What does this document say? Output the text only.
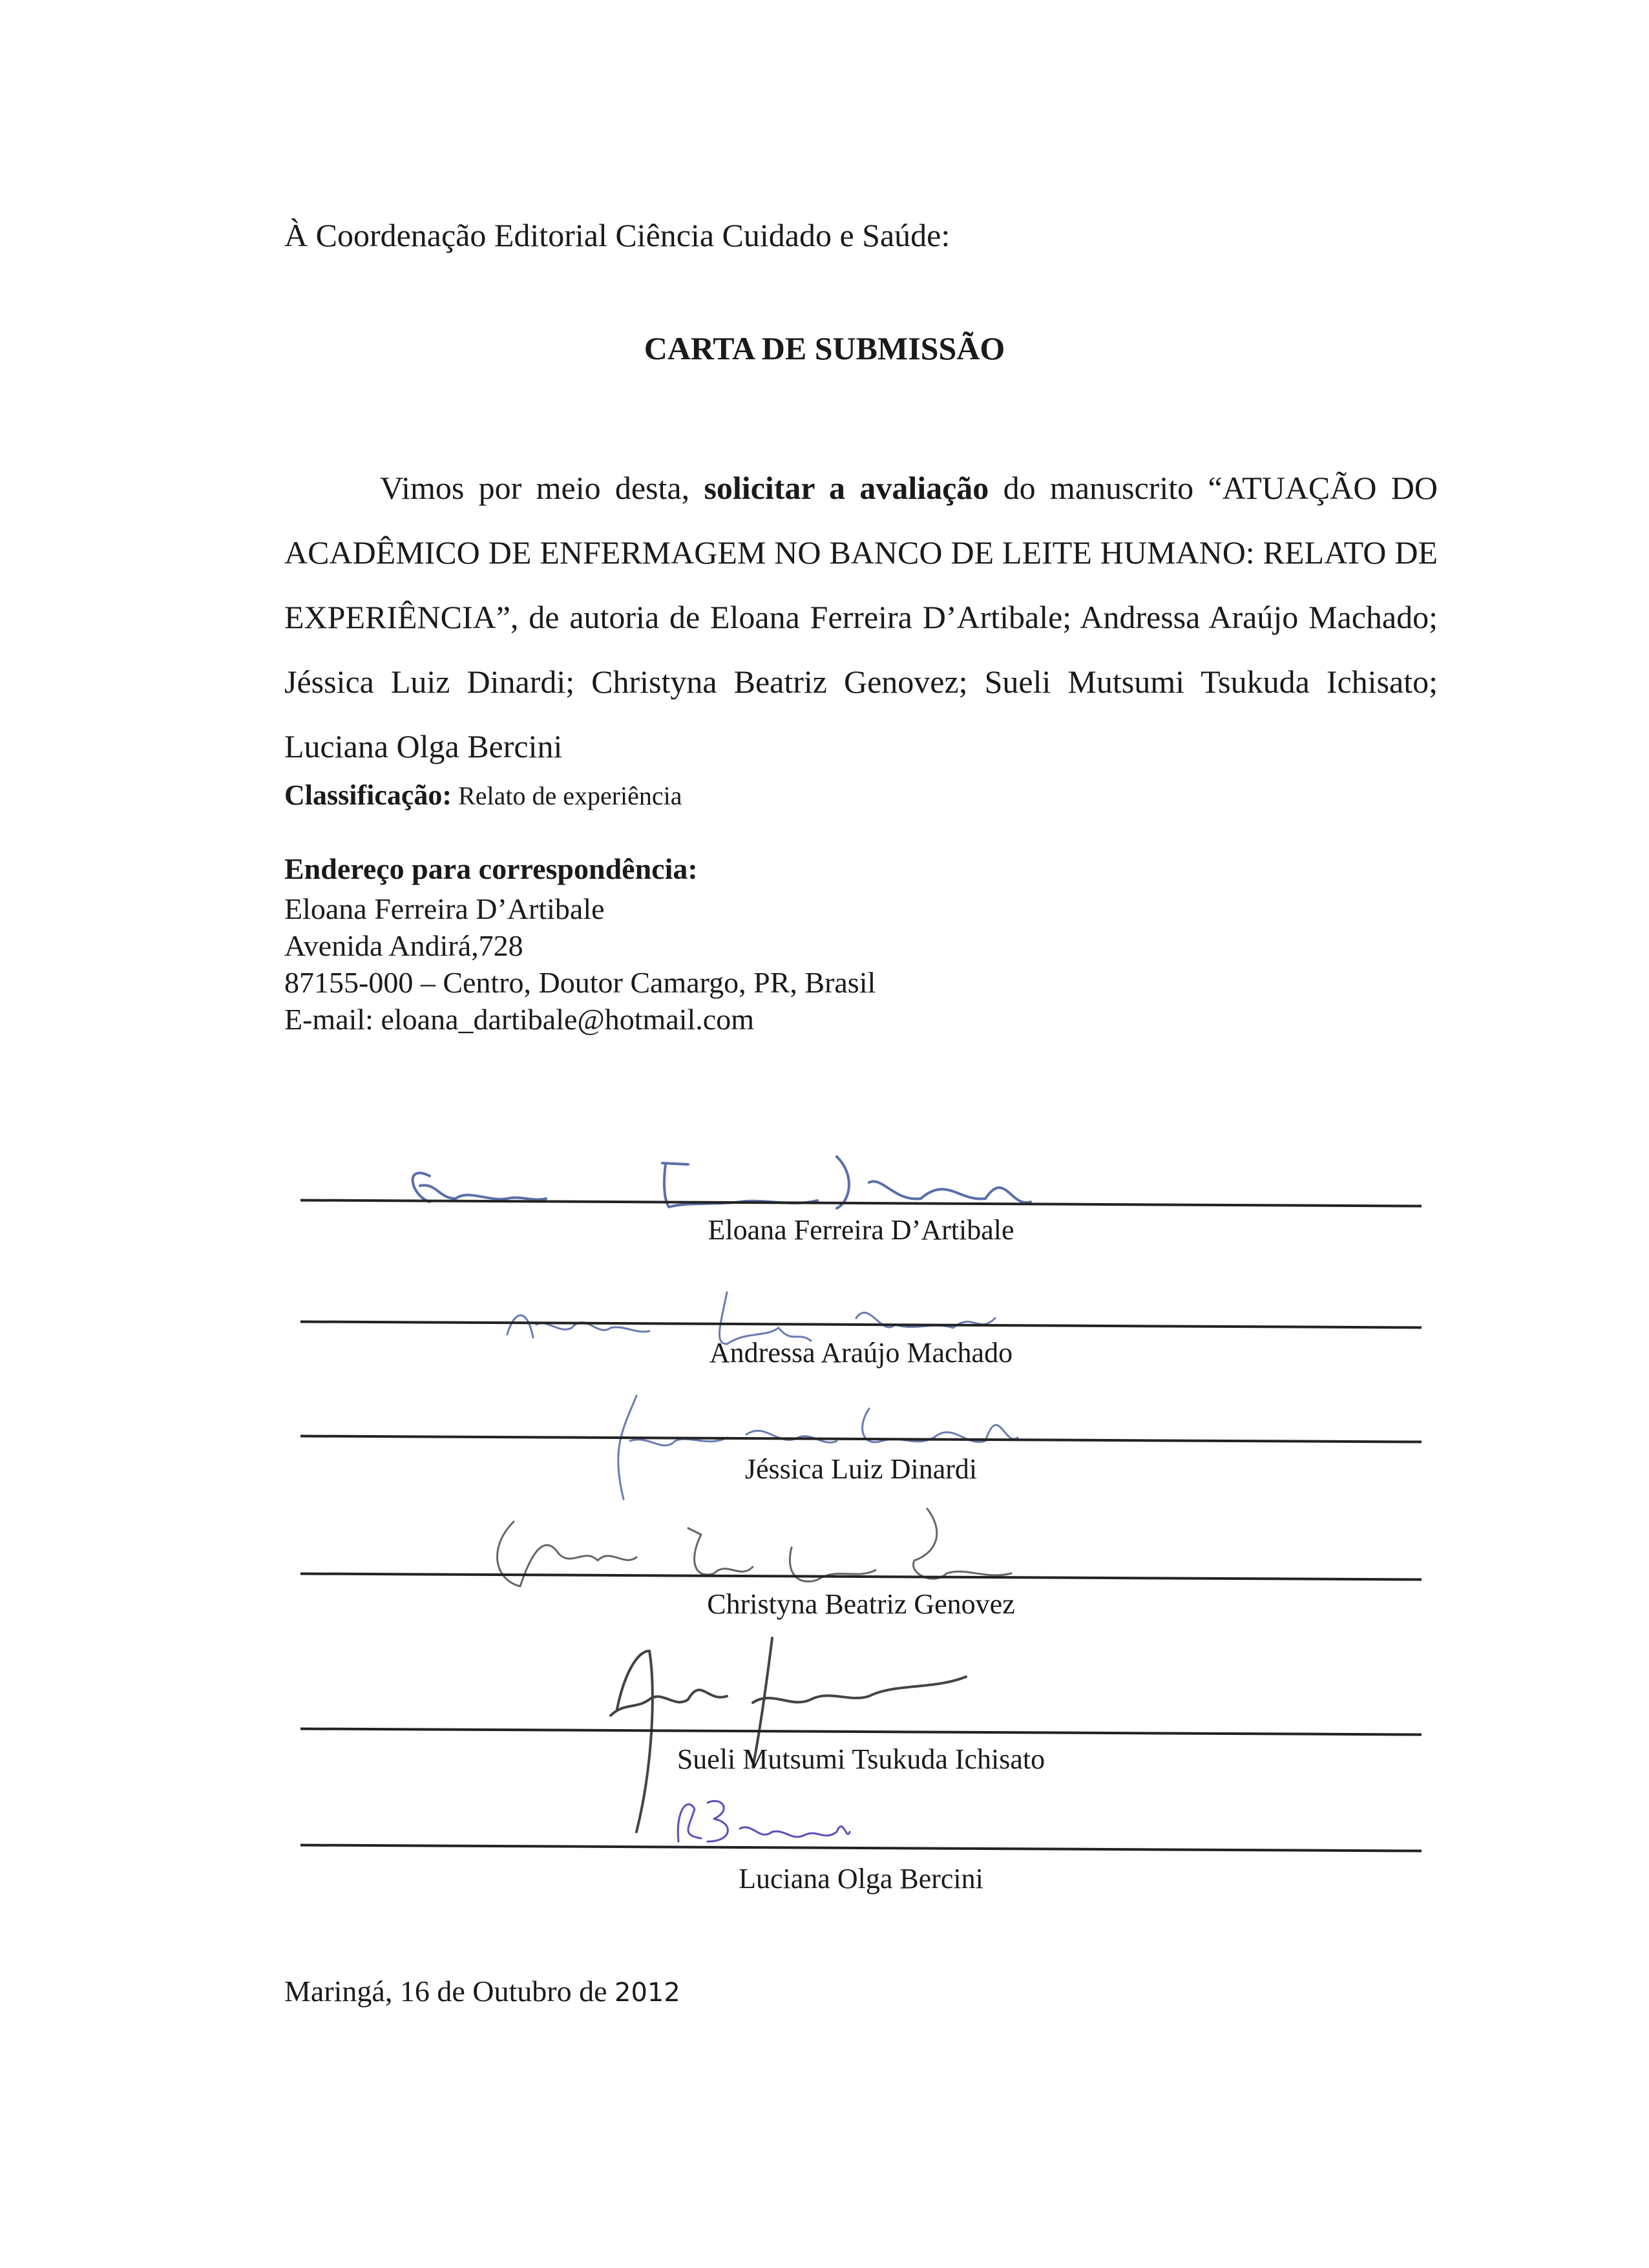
À Coordenação Editorial Ciência Cuidado e Saúde:
CARTA DE SUBMISSÃO
Vimos por meio desta, solicitar a avaliação do manuscrito “ATUAÇÃO DO ACADÊMICO DE ENFERMAGEM NO BANCO DE LEITE HUMANO: RELATO DE EXPERIÊNCIA”, de autoria de Eloana Ferreira D’Artibale; Andressa Araújo Machado; Jéssica Luiz Dinardi; Christyna Beatriz Genovez; Sueli Mutsumi Tsukuda Ichisato; Luciana Olga Bercini
Classificação: Relato de experiência
Endereço para correspondência:
Eloana Ferreira D’Artibale
Avenida Andirá,728
87155-000 – Centro, Doutor Camargo, PR, Brasil
E-mail: eloana_dartibale@hotmail.com
Eloana Ferreira D’Artibale
Andressa Araújo Machado
Jéssica Luiz Dinardi
Christyna Beatriz Genovez
Sueli Mutsumi Tsukuda Ichisato
Luciana Olga Bercini
Maringá, 16 de Outubro de 2012
